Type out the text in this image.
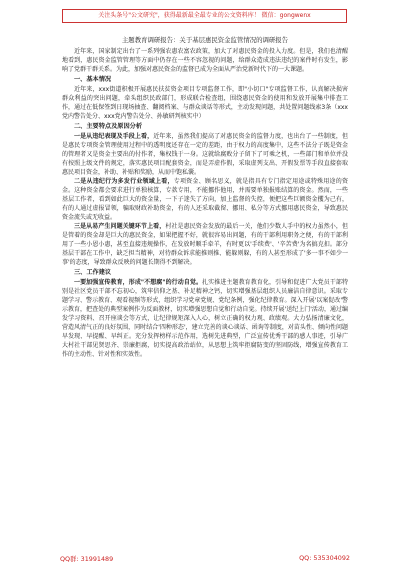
关注头条号"公文研究"，获得最新最全最专业的公文资料库！ 微信：gongwenx
主题教育调研报告：关于基层惠民资金监管情况的调研报告

近年来，国家制定出台了一系列强农惠农富农政策，加大了对惠民资金的投入力度。但是，我们也清醒地看到，惠民资金监管管理等方面中仍存在一些不容忽视的问题，给群众造成违法违纪的案件时有发生，影响了党群干群关系。为此，加强对惠民资金的监督已成为全面从严治党新时代下的一大课题。

一、基本情况

近年来，xxx街道积极开展惠民扶贫资金项目专项监督工作，即"小切口"专项监督工作，认真解决损害群众利益的突出问题，牵头组织民政部门，形成联合检查组，围绕惠民资金的使用和发放开展集中排查工作，通过在低保签到日现场抽查、翻阅档案、与群众谈话等形式，主动发现问题，共处置问题线索3条（xxx党内警告处分、xxx党内警告处分、孙敏研判核实中）

二、主要特点及原因分析

一是从违纪表现及手段上看，近年来，虽然我们提高了对惠民资金的监督力度，也出台了一些制度，但是惠民专项资金管理使用过程中的透明度还存在一定的差距，由于权力的高度集中，这些不法分子既是资金的管理者又是资金主要出的付作者，集权钱于一身。这就给腐败分子留下了可乘之机，一些部门和单位并没有按照上级文件的规定，落实惠民项目配套资金，而是弄虚作假，采取虚列支出、开假发票等手段直接套取惠民项目资金，补助、补贴和奖励，从而中饱私囊。

二是从违纪行为多发行业领域上看，专项资金、顾名思义，就是指具有专门指定用途或特殊用途的资金。这种资金都会要求进行单独核算，专款专用，不能挪作他用，并需要单独报账结算的资金。然而，一些基层工作者，看到如此巨大的资金量，一下子迷失了方向，加上监督的失控，便把这些巨额资金攫为己有，有的人通过虚报冒领，骗取财政补助资金，有的人还采取截留、挪用、私分等方式挪用惠民资金，导致惠民资金流失或无收益。

三是从易产生问题关键环节上看，村社是惠民资金发放的最后一关，他们少数人手中的权力虽然小，但是管着的资金却是巨大的惠民资金，如果把握不好，就很容易出问题，有的干部利用职务之便，有的干部利用了一些小恩小惠，甚至直接违规操作，在发放时顺手牵羊，有时更以'手续费'、'辛苦费'为名搞克扣。部分基层干部在工作中，缺乏担当精神，对待群众诉求能推则推、能躲则躲，有的人甚至形成了'多一事不如少一事'的态度，导致群众反映的问题长期得不到解决。

三、工作建议

一要加强宣传教育，形成"不想腐"的行动自觉。扎实推进主题教育教育化，引导和促进广大党员干部特别是社区党员干部不忘初心，筑牢信仰之基、补足精神之钙，切实增强基层组织人员廉洁自律意识。采取专题学习、警示教育、观看视频等形式，组织学习党章党规、党纪条例，强化纪律教育。深入开展'以案促改'警示教育，把查处的典型案例作为反面教材，切实增强思想自觉和行动自觉。持续开展'送纪上门'活动，通过编发学习资料、召开座谈会等方式，让纪律规矩深入人心，树立正确的权力观、政绩观。大力弘扬清廉文化，营造风清气正的良好氛围，同时结合'四种形态'，建立完善的谈心谈话、函询等制度，对苗头性、倾向性问题早发现、早提醒、早纠正。充分发挥榜样示范作用，选树先进典型，广泛宣传优秀干部的感人事迹，引导广大村社干部见贤思齐、崇廉拒腐，切实提高政治站位，从思想上筑牢拒腐防变的坚固防线，增强宣传教育工作的主动性、针对性和实效性。

QQ群: 31991489	QQ: 535304092
